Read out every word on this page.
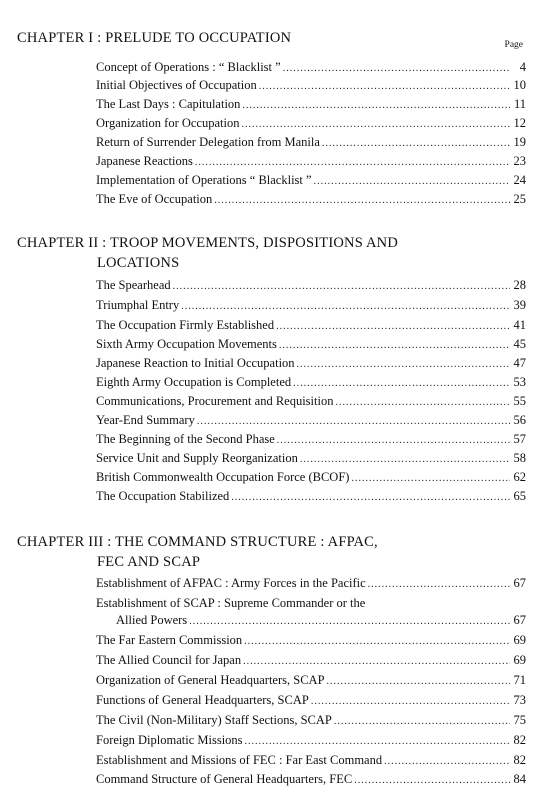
CHAPTER I : PRELUDE TO OCCUPATION	Page
Concept of Operations : “ Blacklist ” .....	4
Initial Objectives of Occupation .....	10
The Last Days : Capitulation .....	11
Organization for Occupation .....	12
Return of Surrender Delegation from Manila .....	19
Japanese Reactions .....	23
Implementation of Operations “ Blacklist ” .....	24
The Eve of Occupation .....	25
CHAPTER II : TROOP MOVEMENTS, DISPOSITIONS AND
LOCATIONS
The Spearhead .....	28
Triumphal Entry .....	39
The Occupation Firmly Established .....	41
Sixth Army Occupation Movements .....	45
Japanese Reaction to Initial Occupation .....	47
Eighth Army Occupation is Completed .....	53
Communications, Procurement and Requisition .....	55
Year-End Summary .....	56
The Beginning of the Second Phase .....	57
Service Unit and Supply Reorganization .....	58
British Commonwealth Occupation Force (BCOF) .....	62
The Occupation Stabilized .....	65
CHAPTER III : THE COMMAND STRUCTURE : AFPAC,
FEC AND SCAP
Establishment of AFPAC : Army Forces in the Pacific .....	67
Establishment of SCAP : Supreme Commander or the
Allied Powers .....	67
The Far Eastern Commission .....	69
The Allied Council for Japan .....	69
Organization of General Headquarters, SCAP .....	71
Functions of General Headquarters, SCAP .....	73
The Civil (Non-Military) Staff Sections, SCAP .....	75
Foreign Diplomatic Missions .....	82
Establishment and Missions of FEC : Far East Command .....	82
Command Structure of General Headquarters, FEC .....	84
